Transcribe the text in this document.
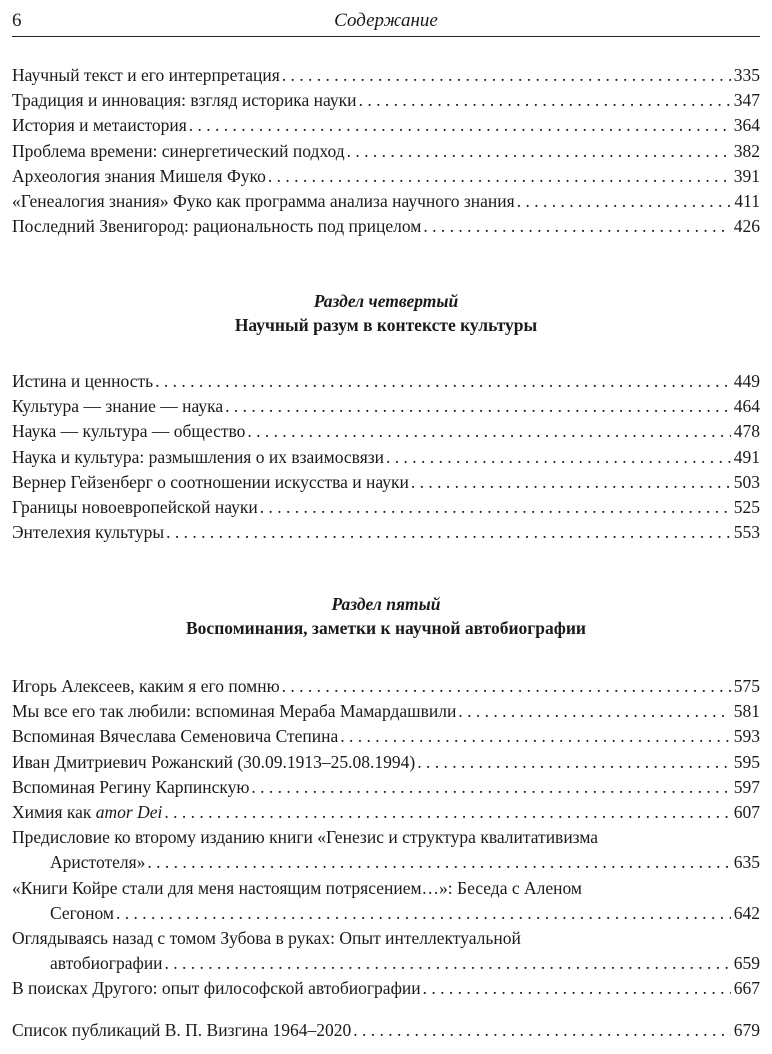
6	Содержание
Научный текст и его интерпретация . . .	335
Традиция и инновация: взгляд историка науки . . .	347
История и метаистория . . .	364
Проблема времени: синергетический подход . . .	382
Археология знания Мишеля Фуко . . .	391
«Генеалогия знания» Фуко как программа анализа научного знания . . .	411
Последний Звенигород: рациональность под прицелом . . .	426
Раздел четвертый
Научный разум в контексте культуры
Истина и ценность . . .	449
Культура — знание — наука . . .	464
Наука — культура — общество . . .	478
Наука и культура: размышления о их взаимосвязи . . .	491
Вернер Гейзенберг о соотношении искусства и науки . . .	503
Границы новоевропейской науки . . .	525
Энтелехия культуры . . .	553
Раздел пятый
Воспоминания, заметки к научной автобиографии
Игорь Алексеев, каким я его помню . . .	575
Мы все его так любили: вспоминая Мераба Мамардашвили . . .	581
Вспоминая Вячеслава Семеновича Степина . . .	593
Иван Дмитриевич Рожанский (30.09.1913–25.08.1994) . . .	595
Вспоминая Регину Карпинскую . . .	597
Химия как amor Dei . . .	607
Предисловие ко второму изданию книги «Генезис и структура квалитативизма
Аристотеля» . . .	635
«Книги Койре стали для меня настоящим потрясением…»: Беседа с Аленом
Сегоном . . .	642
Оглядываясь назад с томом Зубова в руках: Опыт интеллектуальной
автобиографии . . .	659
В поисках Другого: опыт философской автобиографии . . .	667
Список публикаций В. П. Визгина 1964–2020 . . .	679
